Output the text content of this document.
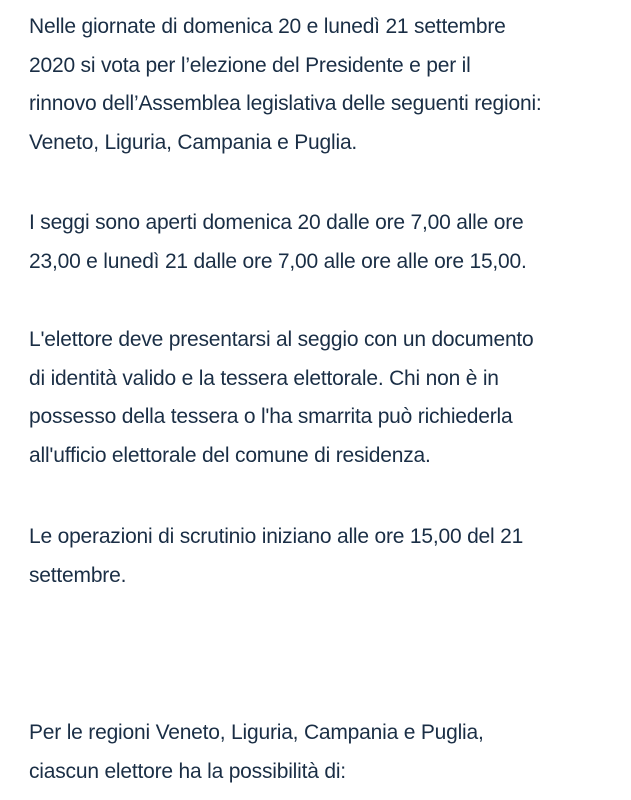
Nelle giornate di domenica 20 e lunedì 21 settembre
2020 si vota per l’elezione del Presidente e per il
rinnovo dell’Assemblea legislativa delle seguenti regioni:
Veneto, Liguria, Campania e Puglia.

I seggi sono aperti domenica 20 dalle ore 7,00 alle ore
23,00 e lunedì 21 dalle ore 7,00 alle ore alle ore 15,00.

L'elettore deve presentarsi al seggio con un documento
di identità valido e la tessera elettorale. Chi non è in
possesso della tessera o l'ha smarrita può richiederla
all'ufficio elettorale del comune di residenza.

Le operazioni di scrutinio iniziano alle ore 15,00 del 21
settembre.

Per le regioni Veneto, Liguria, Campania e Puglia,
ciascun elettore ha la possibilità di:
